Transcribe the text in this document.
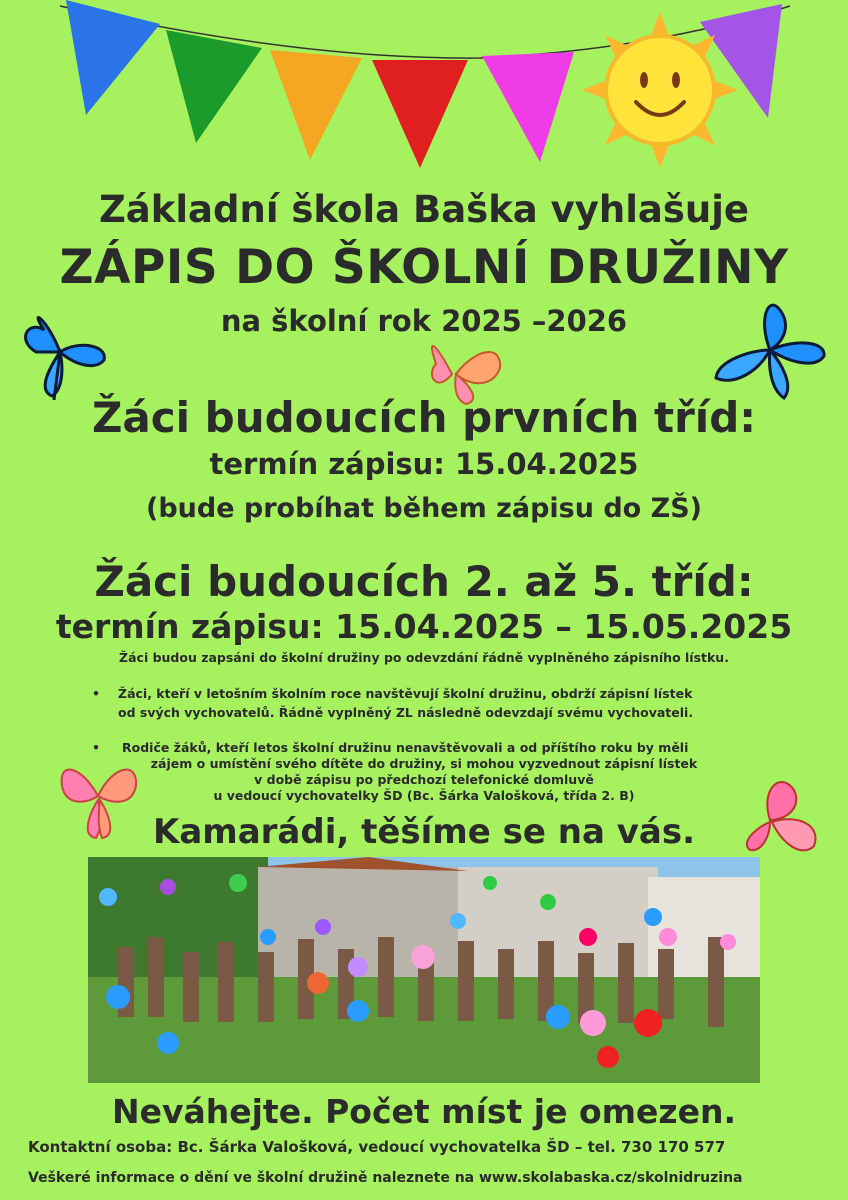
Základní škola Baška vyhlašuje
ZÁPIS DO ŠKOLNÍ DRUŽINY
na školní rok 2025 –2026
Žáci budoucích prvních tříd:
termín zápisu: 15.04.2025
(bude probíhat během zápisu do ZŠ)
Žáci budoucích 2. až 5. tříd:
termín zápisu: 15.04.2025 – 15.05.2025
Žáci budou zapsáni do školní družiny po odevzdání řádně vyplněného zápisního lístku.
• Žáci, kteří v letošním školním roce navštěvují školní družinu, obdrží zápisní lístek
od svých vychovatelů. Řádně vyplněný ZL následně odevzdají svému vychovateli.
• Rodiče žáků, kteří letos školní družinu nenavštěvovali a od příštího roku by měli
zájem o umístění svého dítěte do družiny, si mohou vyzvednout zápisní lístek
v době zápisu po předchozí telefonické domluvě
u vedoucí vychovatelky ŠD (Bc. Šárka Valošková, třída 2. B)
Kamarádi, těšíme se na vás.
Neváhejte. Počet míst je omezen.
Kontaktní osoba: Bc. Šárka Valošková, vedoucí vychovatelka ŠD – tel. 730 170 577
Veškeré informace o dění ve školní družině naleznete na www.skolabaska.cz/skolnidruzina
